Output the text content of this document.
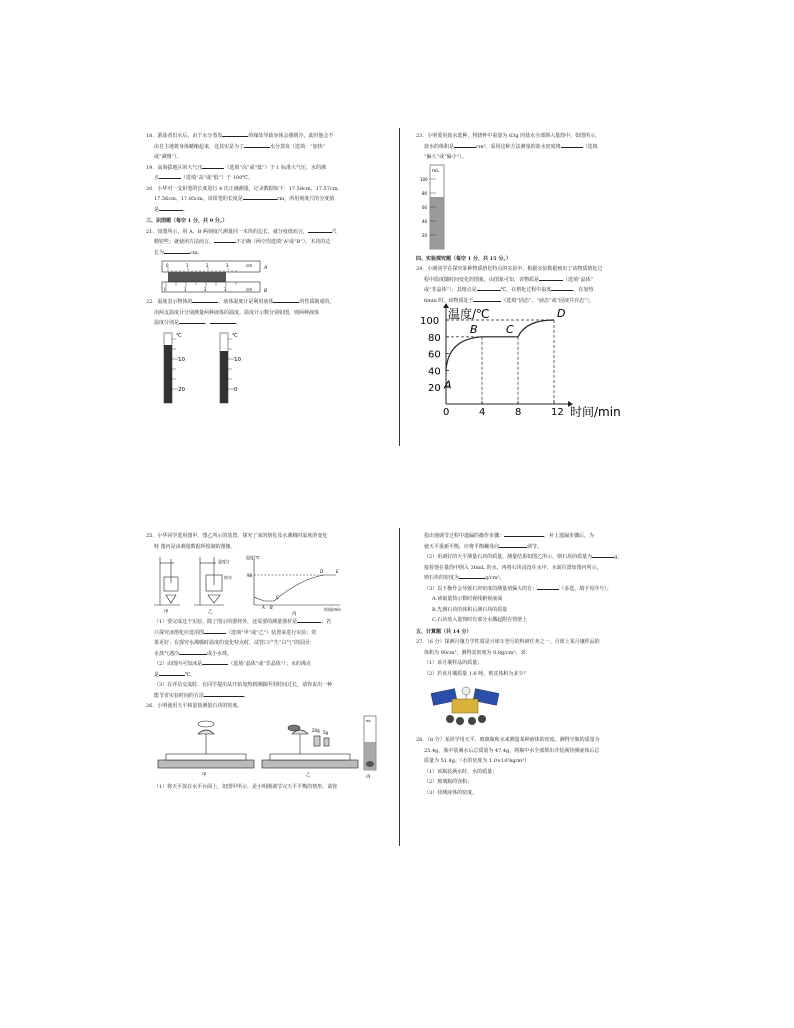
18．游泳者出水后，由于水分蒸发	的缘故导致身体会感到冷，此时他会不

由自主地将身体蜷缩起来，这其实是为了	水分蒸发（选填：“加快”

或“减慢”）。

19．高海拔地区的大气压	（选填“高”或“低”）于 1 标准大气压，水的沸

点	（选填“高”或“低”）于 100℃。

20．小华对一支铅笔的长度进行 4 次正确测量，记录数据如下：17.58cm、17.57cm、

17.56cm、17.85cm，该铅笔的长度是	cm，所用刻度尺的分度值

是	。

三、识图题（每空 1 分，共 9 分。）

21．如图所示，用 A、B 两刻度尺测量同一木块的边长，就分度值而言，	尺

精密些；就使用方法而言，	不正确（两空均选填“A”或“B”）。木块的边

长为	cm。

0	1	2	3	cm
A
0	1	2	3	cm	B

22．温度表示物体的	，液体温度计是利用液体	的性质制成的。

用两支温度计分别测量两种液体的温度。温度计示数分别如图，则两种液体

温度分别是	，	。

℃
10
20
℃
10
0

23．小明要用盐水选种，将烧杯中重量为 63g 的盐水全部倒入量筒中，如图所示，

盐水的体积是	cm³，采用这种方法测量的盐水密度将	（选填

“偏大”或“偏小”）。

mL
100
80
60
40
20

四、实验探究题（每空 1 分，共 15 分。）

24．小刚同学在探究某种物质熔化特点的实验中，根据实验数据画出了该物质熔化过

程中温度随时间变化的图象，由图象可知，该物质是	（选填“晶体”

或“非晶体”），其熔点是	℃，在熔化过程中温度	，在加热

6min 时，该物质处于	（选填“固态”、“液态”或“固液共存态”）。

0	4	8	12
20
40
60
80
100
A
B	C
D
温度/℃
时间/min

25．小华同学选用图甲、图乙所示的装置，探究了冰的熔化及水沸腾时温度的变化

特 图丙是由测量数据所绘制的图像。

温度计
热水
甲	乙
温度/℃
时间/min
98
A B
C
D	E
丙

（1）要完成这个实验，除了图示的器材外，还需要的测量器材是	；若

只探究冰熔化应选用图	（选填“甲”或“乙”）装置来进行实验；效

果更好；在探究水沸腾时温度的变化特点时，试管口产生“白气”的原因：

水蒸气遇冷	成小水珠。

（2）由图丙可知冰是	（选填“晶体”或“非晶体”）；水的沸点

是	℃。

（3）在评估交流时，有同学提出从开始加热到沸腾所用时间过长，请你说出一种

能节省实验时间的方法	。

26．小明使用天平和量筒测量石块的密度。

20g 5g
甲	乙
mL
丙

（1）将天平放在水平台面上，如图甲所示，是小明刚调节完天平平衡的情形。请你

指出他调节过程中遗漏的操作步骤：	，补上遗漏步骤后，为

使天平重新平衡，应将平衡螺母向	调节。

（2）用调好的天平测量石块的质量，测量结果如图乙所示，则石块的质量为	g，

接着他在量筒中倒入 30mL 的水，再将石块浸没在水中，水面位置如图丙所示，

则石块的密度为	g/cm³。

（3）以下操作会导致石块密度的测量值偏大的有：	（多选，填字母序号）。

A.读取量筒示数时视线俯视液面

B.先测石块的体积后测石块的质量

C.石块放入量筒时有部分水溅起附在筒壁上

五、计算题（共 14 分）

27．（6 分）探测月壤力学性质是月球车登月的科研任务之一。月球上某月壤样品的

体积为 90cm³，测得其密度为 0.8g/cm³。求：

（1）该月壤样品的质量；

（2）若该月壤质量 1.6 吨，则其体积为多少？

28．（8 分）某同学用天平、玻璃瓶和水来测量某种液体的密度。测得空瓶的质量为

25.4g，瓶中装满水后总质量为 47.4g，将瓶中水全部倒出并装满待测液体后总

质量为 51.8g。（水的密度为 1.0×10³kg/m³）

（1）该瓶装满水时，水的质量；

（2）玻璃瓶的容积；

（3）待测液体的密度。
